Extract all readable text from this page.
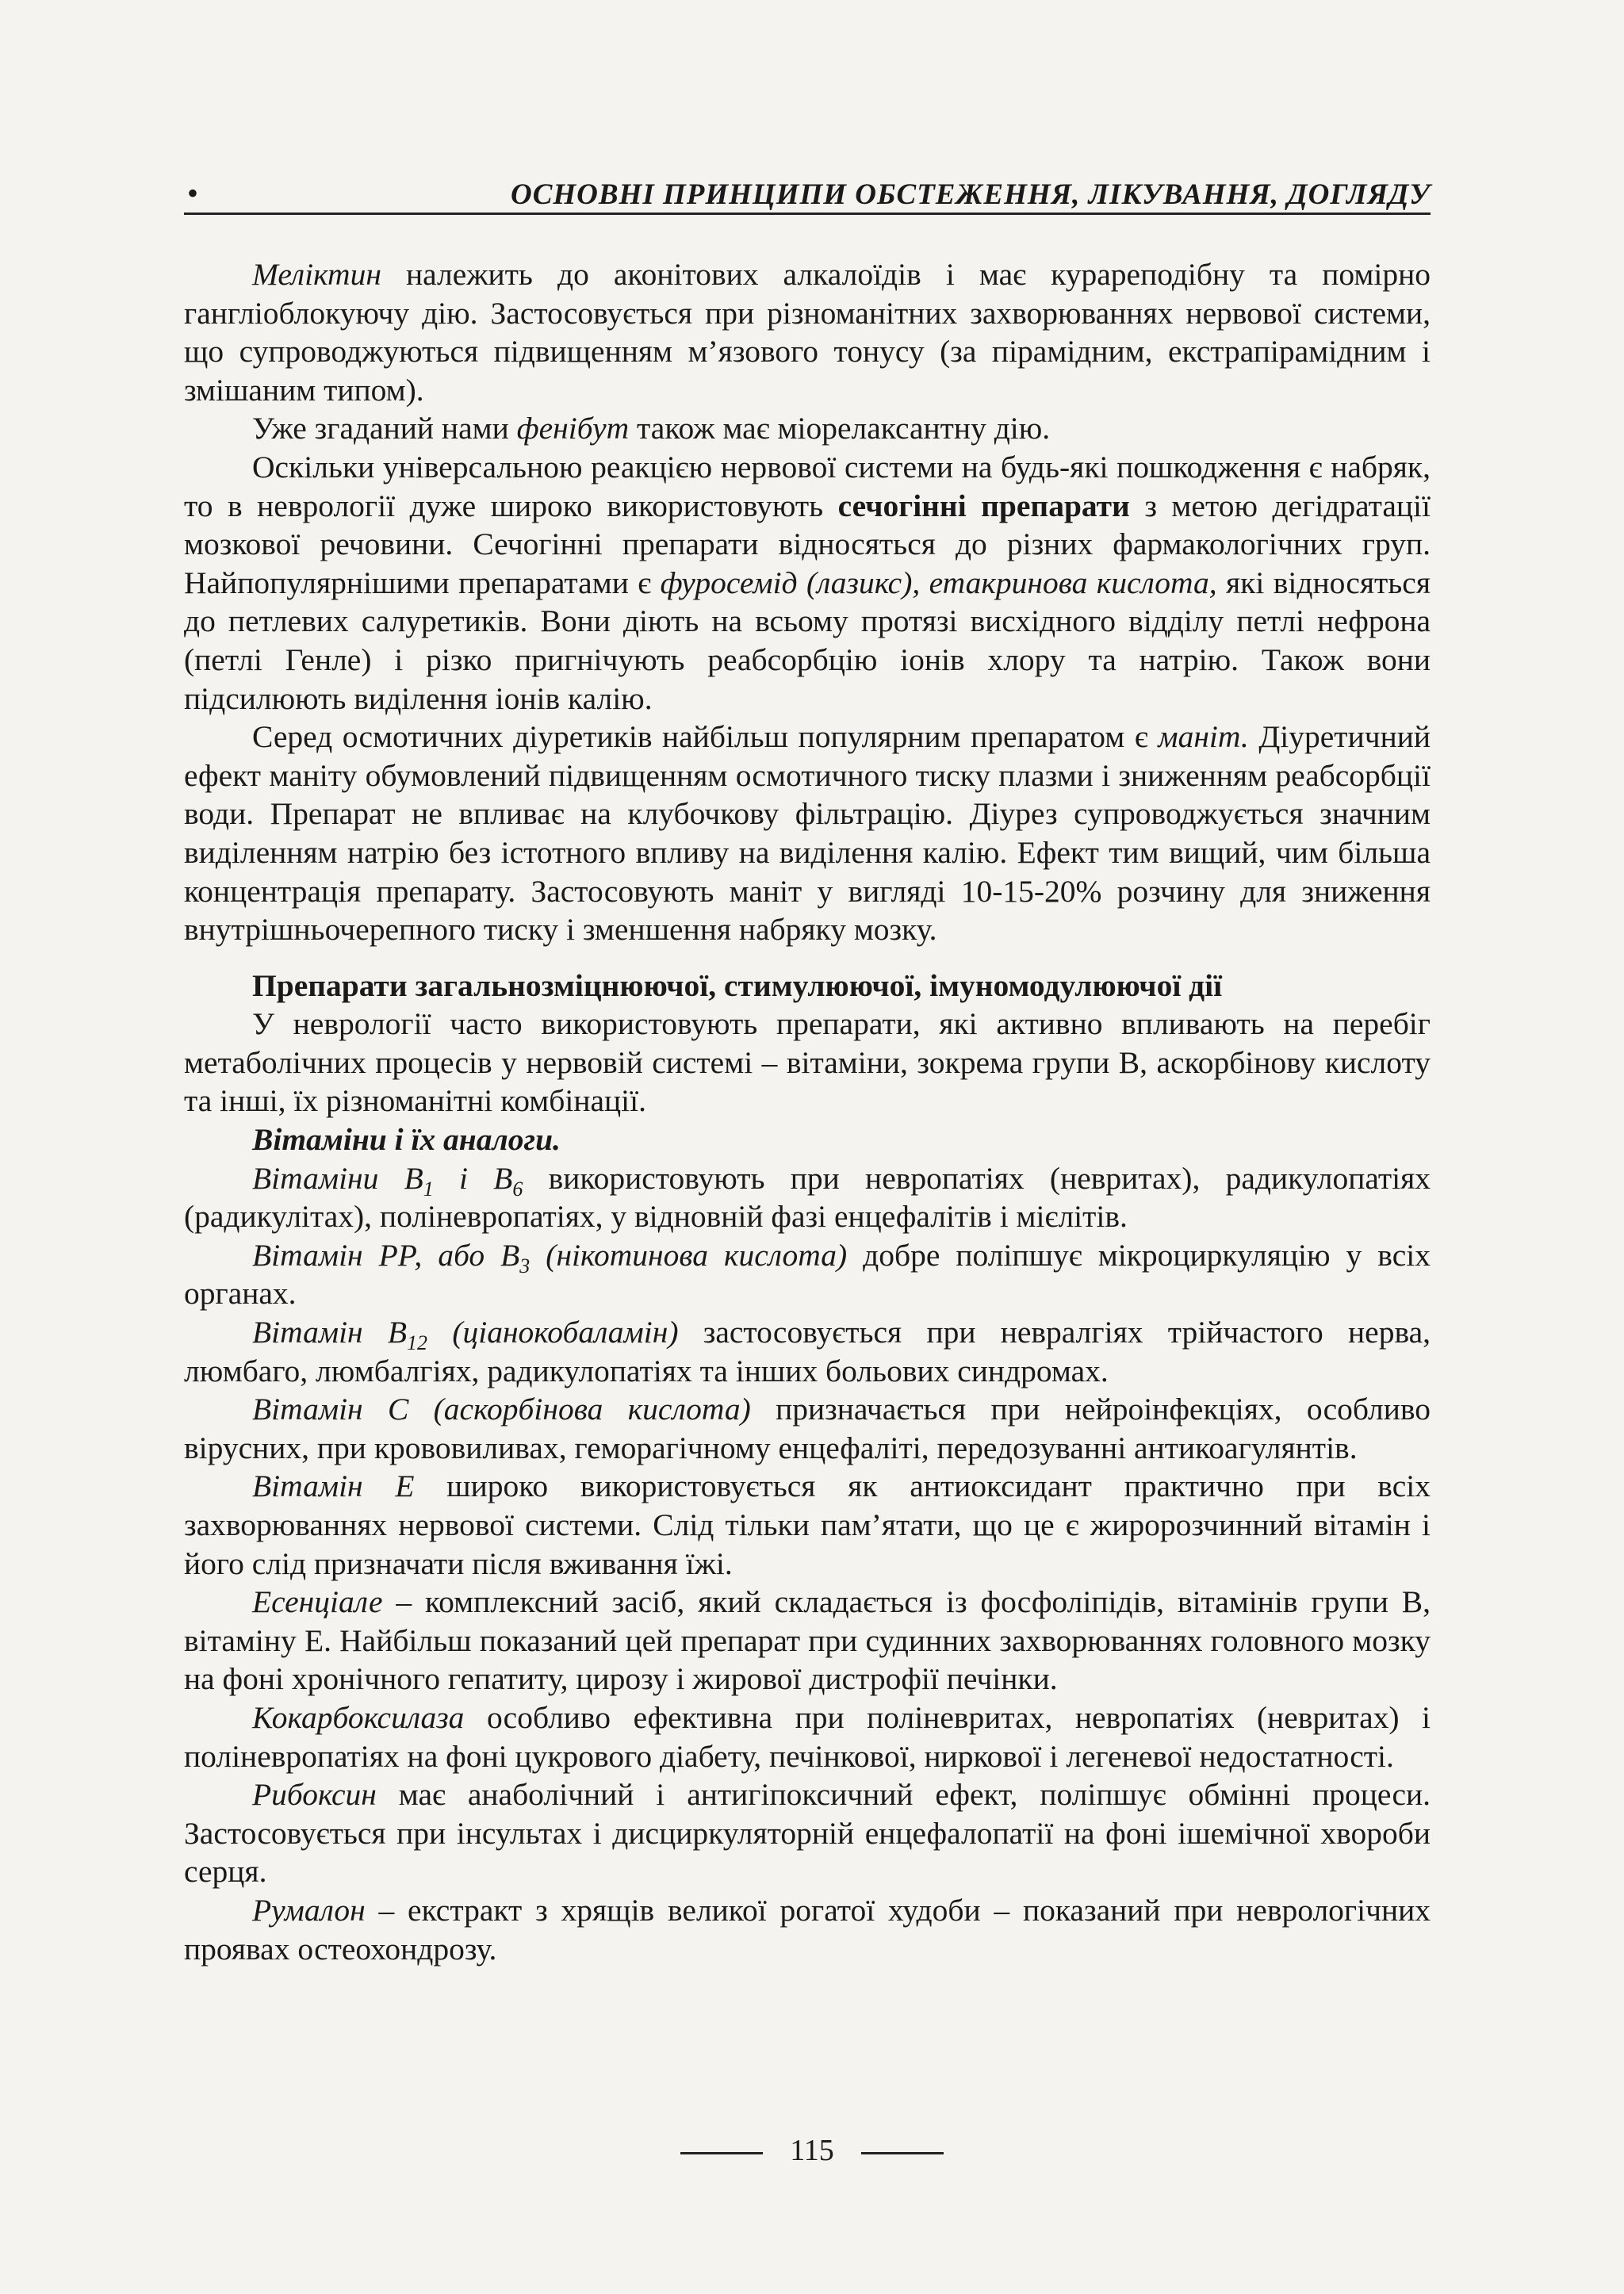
•	ОСНОВНІ ПРИНЦИПИ ОБСТЕЖЕННЯ, ЛІКУВАННЯ, ДОГЛЯДУ

Меліктин належить до аконітових алкалоїдів і має курареподібну та помірно гангліоблокуючу дію. Застосовується при різноманітних захворюваннях нервової системи, що супроводжуються підвищенням м’язового тонусу (за пірамідним, екстрапірамідним і змішаним типом).

Уже згаданий нами фенібут також має міорелаксантну дію.

Оскільки універсальною реакцією нервової системи на будь-які пошкодження є набряк, то в неврології дуже широко використовують сечогінні препарати з метою дегідратації мозкової речовини. Сечогінні препарати відносяться до різних фармакологічних груп. Найпопулярнішими препаратами є фуросемід (лазикс), етакринова кислота, які відносяться до петлевих салуретиків. Вони діють на всьому протязі висхідного відділу петлі нефрона (петлі Генле) і різко пригнічують реабсорбцію іонів хлору та натрію. Також вони підсилюють виділення іонів калію.

Серед осмотичних діуретиків найбільш популярним препаратом є маніт. Діуретичний ефект маніту обумовлений підвищенням осмотичного тиску плазми і зниженням реабсорбції води. Препарат не впливає на клубочкову фільтрацію. Діурез супроводжується значним виділенням натрію без істотного впливу на виділення калію. Ефект тим вищий, чим більша концентрація препарату. Застосовують маніт у вигляді 10-15-20% розчину для зниження внутрішньочерепного тиску і зменшення набряку мозку.

Препарати загальнозміцнюючої, стимулюючої, імуномодулюючої дії

У неврології часто використовують препарати, які активно впливають на перебіг метаболічних процесів у нервовій системі – вітаміни, зокрема групи В, аскорбінову кислоту та інші, їх різноманітні комбінації.

Вітаміни і їх аналоги.

Вітаміни $В_1$ і $В_6$ використовують при невропатіях (невритах), радикулопатіях (радикулітах), поліневропатіях, у відновній фазі енцефалітів і мієлітів.

Вітамін РР, або $В_3$ (нікотинова кислота) добре поліпшує мікроциркуляцію у всіх органах.

Вітамін $В_{12}$ (ціанокобаламін) застосовується при невралгіях трійчастого нерва, люмбаго, люмбалгіях, радикулопатіях та інших больових синдромах.

Вітамін С (аскорбінова кислота) призначається при нейроінфекціях, особливо вірусних, при крововиливах, геморагічному енцефаліті, передозуванні антикоагулянтів.

Вітамін Е широко використовується як антиоксидант практично при всіх захворюваннях нервової системи. Слід тільки пам’ятати, що це є жиророзчинний вітамін і його слід призначати після вживання їжі.

Есенціале – комплексний засіб, який складається із фосфоліпідів, вітамінів групи В, вітаміну Е. Найбільш показаний цей препарат при судинних захворюваннях головного мозку на фоні хронічного гепатиту, цирозу і жирової дистрофії печінки.

Кокарбоксилаза особливо ефективна при поліневритах, невропатіях (невритах) і поліневропатіях на фоні цукрового діабету, печінкової, ниркової і легеневої недостатності.

Рибоксин має анаболічний і антигіпоксичний ефект, поліпшує обмінні процеси. Застосовується при інсультах і дисциркуляторній енцефалопатії на фоні ішемічної хвороби серця.

Румалон – екстракт з хрящів великої рогатої худоби – показаний при неврологічних проявах остеохондрозу.

115
